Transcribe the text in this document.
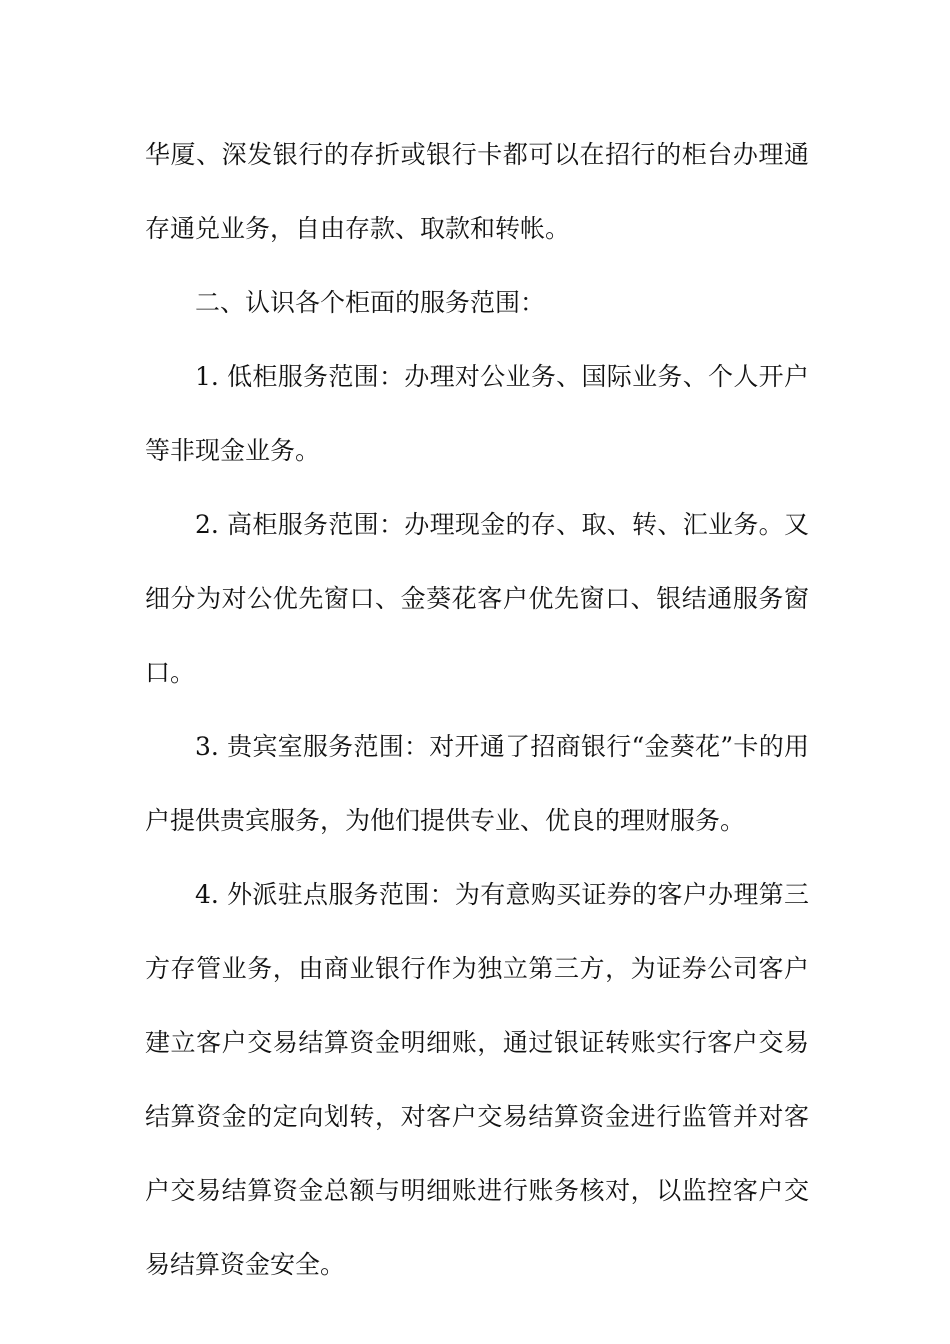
华厦、深发银行的存折或银行卡都可以在招行的柜台办理通存通兑业务，自由存款、取款和转帐。

二、认识各个柜面的服务范围：

1. 低柜服务范围：办理对公业务、国际业务、个人开户等非现金业务。

2. 高柜服务范围：办理现金的存、取、转、汇业务。又细分为对公优先窗口、金葵花客户优先窗口、银结通服务窗口。

3. 贵宾室服务范围：对开通了招商银行“金葵花”卡的用户提供贵宾服务，为他们提供专业、优良的理财服务。

4. 外派驻点服务范围：为有意购买证券的客户办理第三方存管业务，由商业银行作为独立第三方，为证券公司客户建立客户交易结算资金明细账，通过银证转账实行客户交易结算资金的定向划转，对客户交易结算资金进行监管并对客户交易结算资金总额与明细账进行账务核对，以监控客户交易结算资金安全。
